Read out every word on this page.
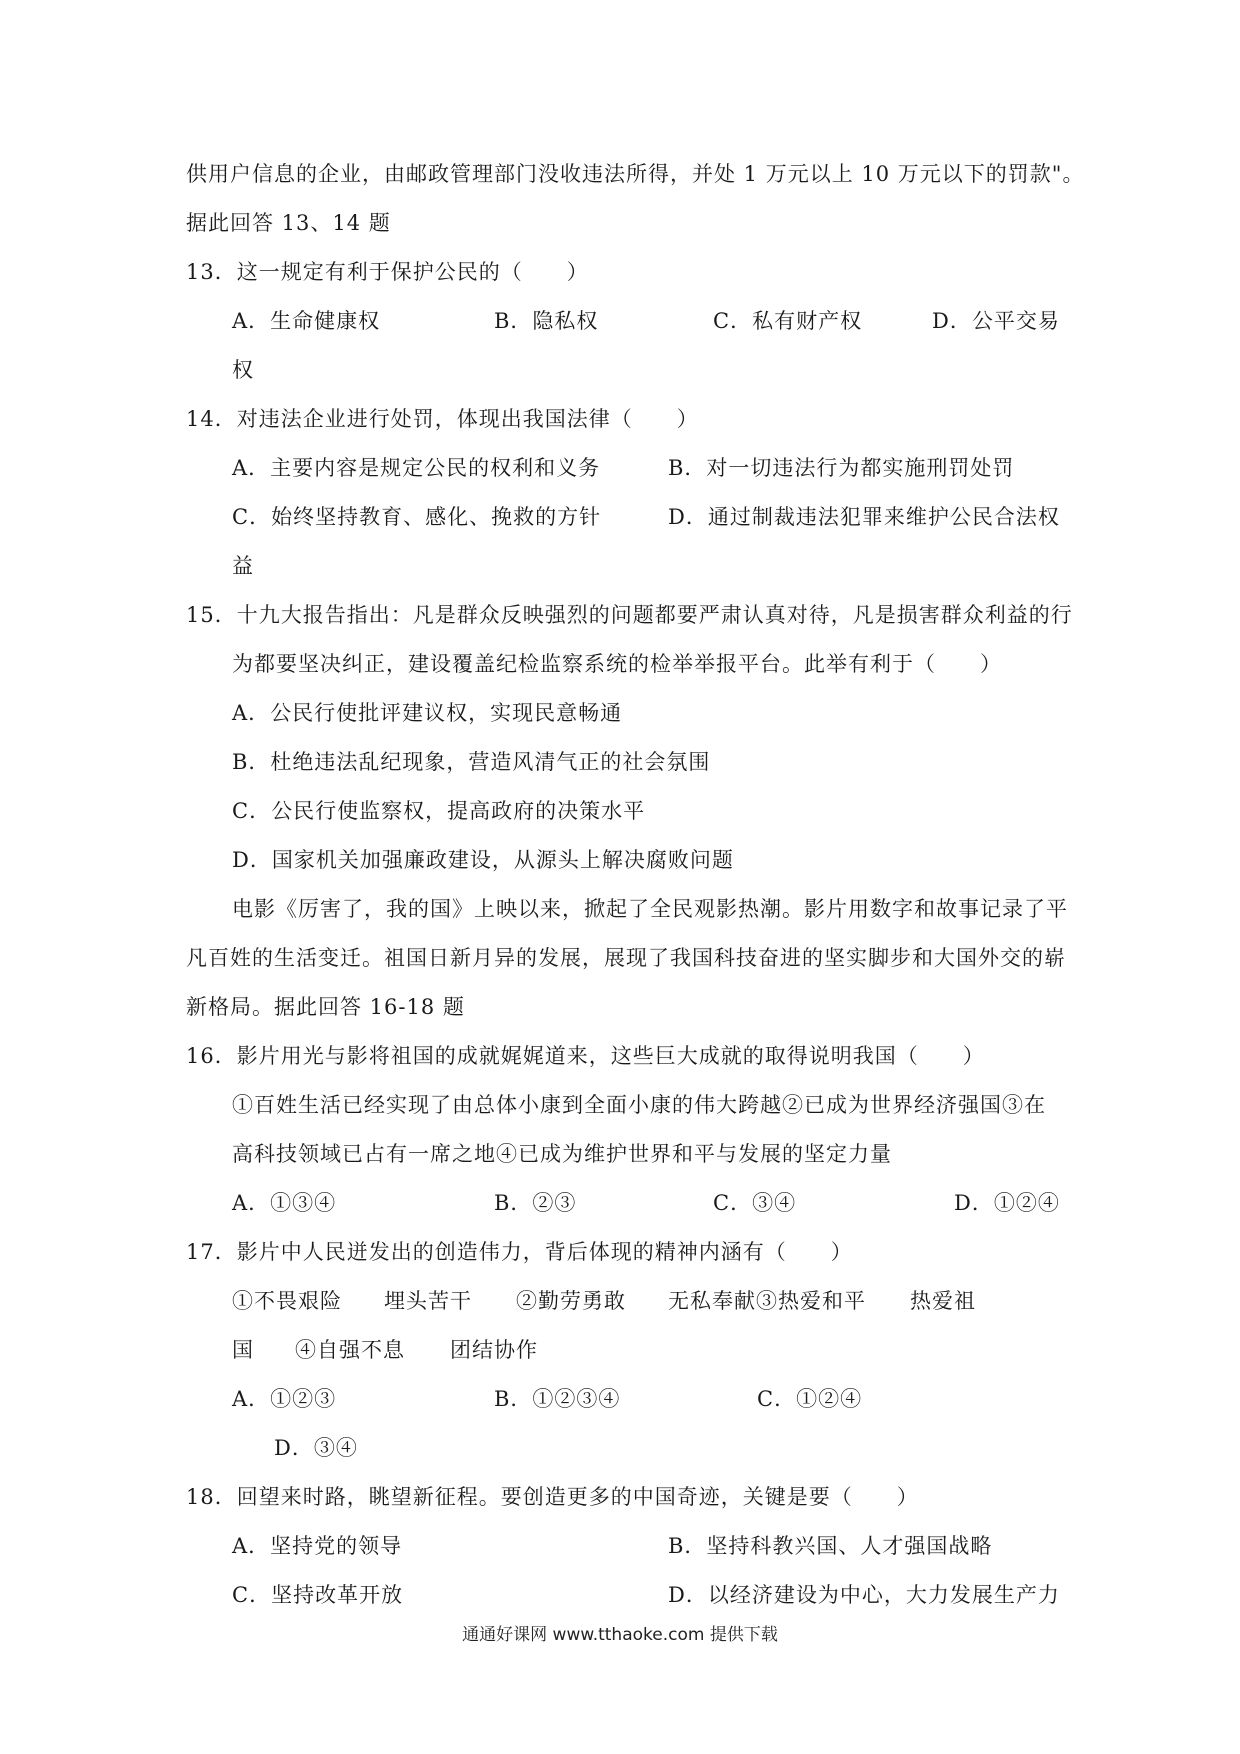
供用户信息的企业，由邮政管理部门没收违法所得，并处 1 万元以上 10 万元以下的罚款"。
据此回答 13、14 题
13．这一规定有利于保护公民的（　　）
A．生命健康权	B．隐私权	C．私有财产权	D．公平交易
权
14．对违法企业进行处罚，体现出我国法律（　　）
A．主要内容是规定公民的权利和义务	B．对一切违法行为都实施刑罚处罚
C．始终坚持教育、感化、挽救的方针	D．通过制裁违法犯罪来维护公民合法权
益
15．十九大报告指出：凡是群众反映强烈的问题都要严肃认真对待，凡是损害群众利益的行
为都要坚决纠正，建设覆盖纪检监察系统的检举举报平台。此举有利于（　　）
A．公民行使批评建议权，实现民意畅通
B．杜绝违法乱纪现象，营造风清气正的社会氛围
C．公民行使监察权，提高政府的决策水平
D．国家机关加强廉政建设，从源头上解决腐败问题
电影《厉害了，我的国》上映以来，掀起了全民观影热潮。影片用数字和故事记录了平
凡百姓的生活变迁。祖国日新月异的发展，展现了我国科技奋进的坚实脚步和大国外交的崭
新格局。据此回答 16-18 题
16．影片用光与影将祖国的成就娓娓道来，这些巨大成就的取得说明我国（　　）
①百姓生活已经实现了由总体小康到全面小康的伟大跨越②已成为世界经济强国③在
高科技领域已占有一席之地④已成为维护世界和平与发展的坚定力量
A．①③④	B．②③	C．③④	D．①②④
17．影片中人民迸发出的创造伟力，背后体现的精神内涵有（　　）
①不畏艰险 埋头苦干 ②勤劳勇敢 无私奉献③热爱和平 热爱祖
国 ④自强不息 团结协作
A．①②③	B．①②③④	C．①②④
D．③④
18．回望来时路，眺望新征程。要创造更多的中国奇迹，关键是要（　　）
A．坚持党的领导	B．坚持科教兴国、人才强国战略
C．坚持改革开放	D．以经济建设为中心，大力发展生产力
通通好课网 www.tthaoke.com 提供下载
